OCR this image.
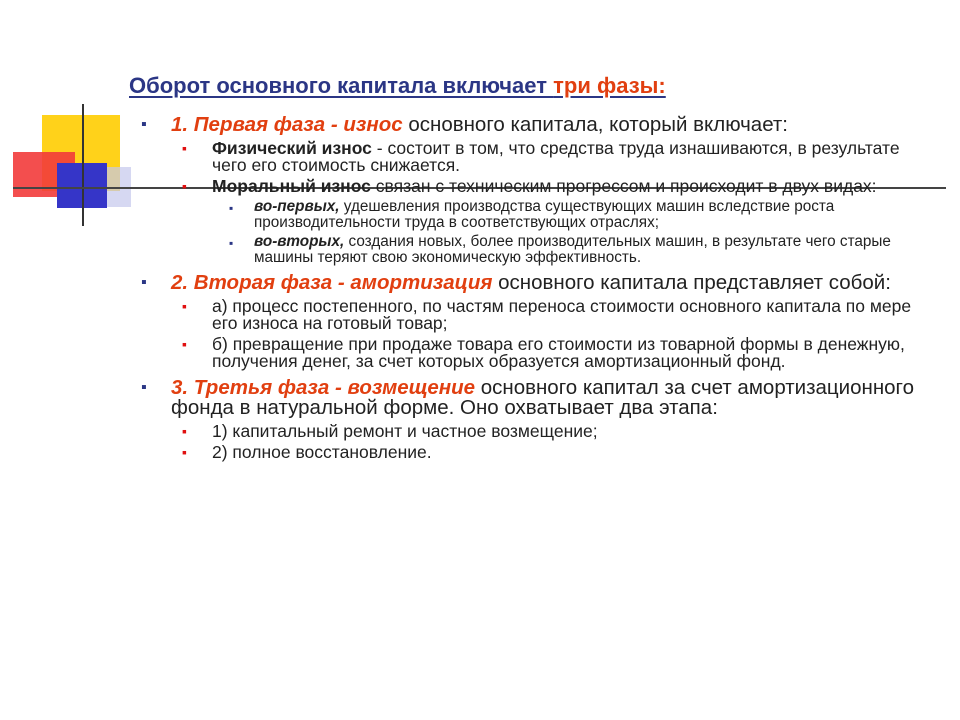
Оборот основного капитала включает три фазы:
▪ 1. Первая фаза - износ основного капитала, который включает:
▪ Физический износ - состоит в том, что средства труда изнашиваются, в результате чего его стоимость снижается.
▪ Моральный износ связан с техническим прогрессом и происходит в двух видах:
▪ во-первых, удешевления производства существующих машин вследствие роста производительности труда в соответствующих отраслях;
▪ во-вторых, создания новых, более производительных машин, в результате чего старые машины теряют свою экономическую эффективность.
▪ 2. Вторая фаза - амортизация основного капитала представляет собой:
▪ а) процесс постепенного, по частям переноса стоимости основного капитала по мере его износа на готовый товар;
▪ б) превращение при продаже товара его стоимости из товарной формы в денежную, получения денег, за счет которых образуется амортизационный фонд.
▪ 3. Третья фаза - возмещение основного капитал за счет амортизационного фонда в натуральной форме. Оно охватывает два этапа:
▪ 1) капитальный ремонт и частное возмещение;
▪ 2) полное восстановление.
